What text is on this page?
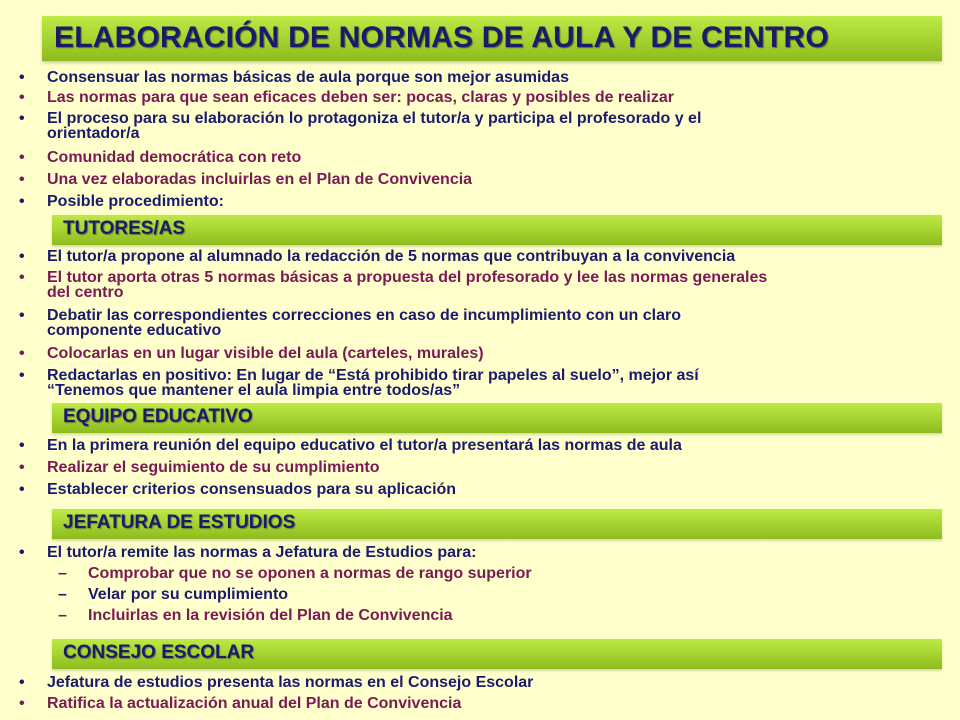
ELABORACIÓN DE NORMAS DE AULA Y DE CENTRO
• Consensuar las normas básicas de aula porque son mejor asumidas
• Las normas para que sean eficaces deben ser: pocas, claras y posibles de realizar
• El proceso para su elaboración lo protagoniza el tutor/a y participa el profesorado y el
orientador/a
• Comunidad democrática con reto
• Una vez elaboradas incluirlas en el Plan de Convivencia
• Posible procedimiento:
TUTORES/AS
• El tutor/a propone al alumnado la redacción de 5 normas que contribuyan a la convivencia
• El tutor aporta otras 5 normas básicas a propuesta del profesorado y lee las normas generales
del centro
• Debatir las correspondientes correcciones en caso de incumplimiento con un claro
componente educativo
• Colocarlas en un lugar visible del aula (carteles, murales)
• Redactarlas en positivo: En lugar de “Está prohibido tirar papeles al suelo”, mejor así
“Tenemos que mantener el aula limpia entre todos/as”
EQUIPO EDUCATIVO
• En la primera reunión del equipo educativo el tutor/a presentará las normas de aula
• Realizar el seguimiento de su cumplimiento
• Establecer criterios consensuados para su aplicación
JEFATURA DE ESTUDIOS
• El tutor/a remite las normas a Jefatura de Estudios para:
– Comprobar que no se oponen a normas de rango superior
– Velar por su cumplimiento
– Incluirlas en la revisión del Plan de Convivencia
CONSEJO ESCOLAR
• Jefatura de estudios presenta las normas en el Consejo Escolar
• Ratifica la actualización anual del Plan de Convivencia
